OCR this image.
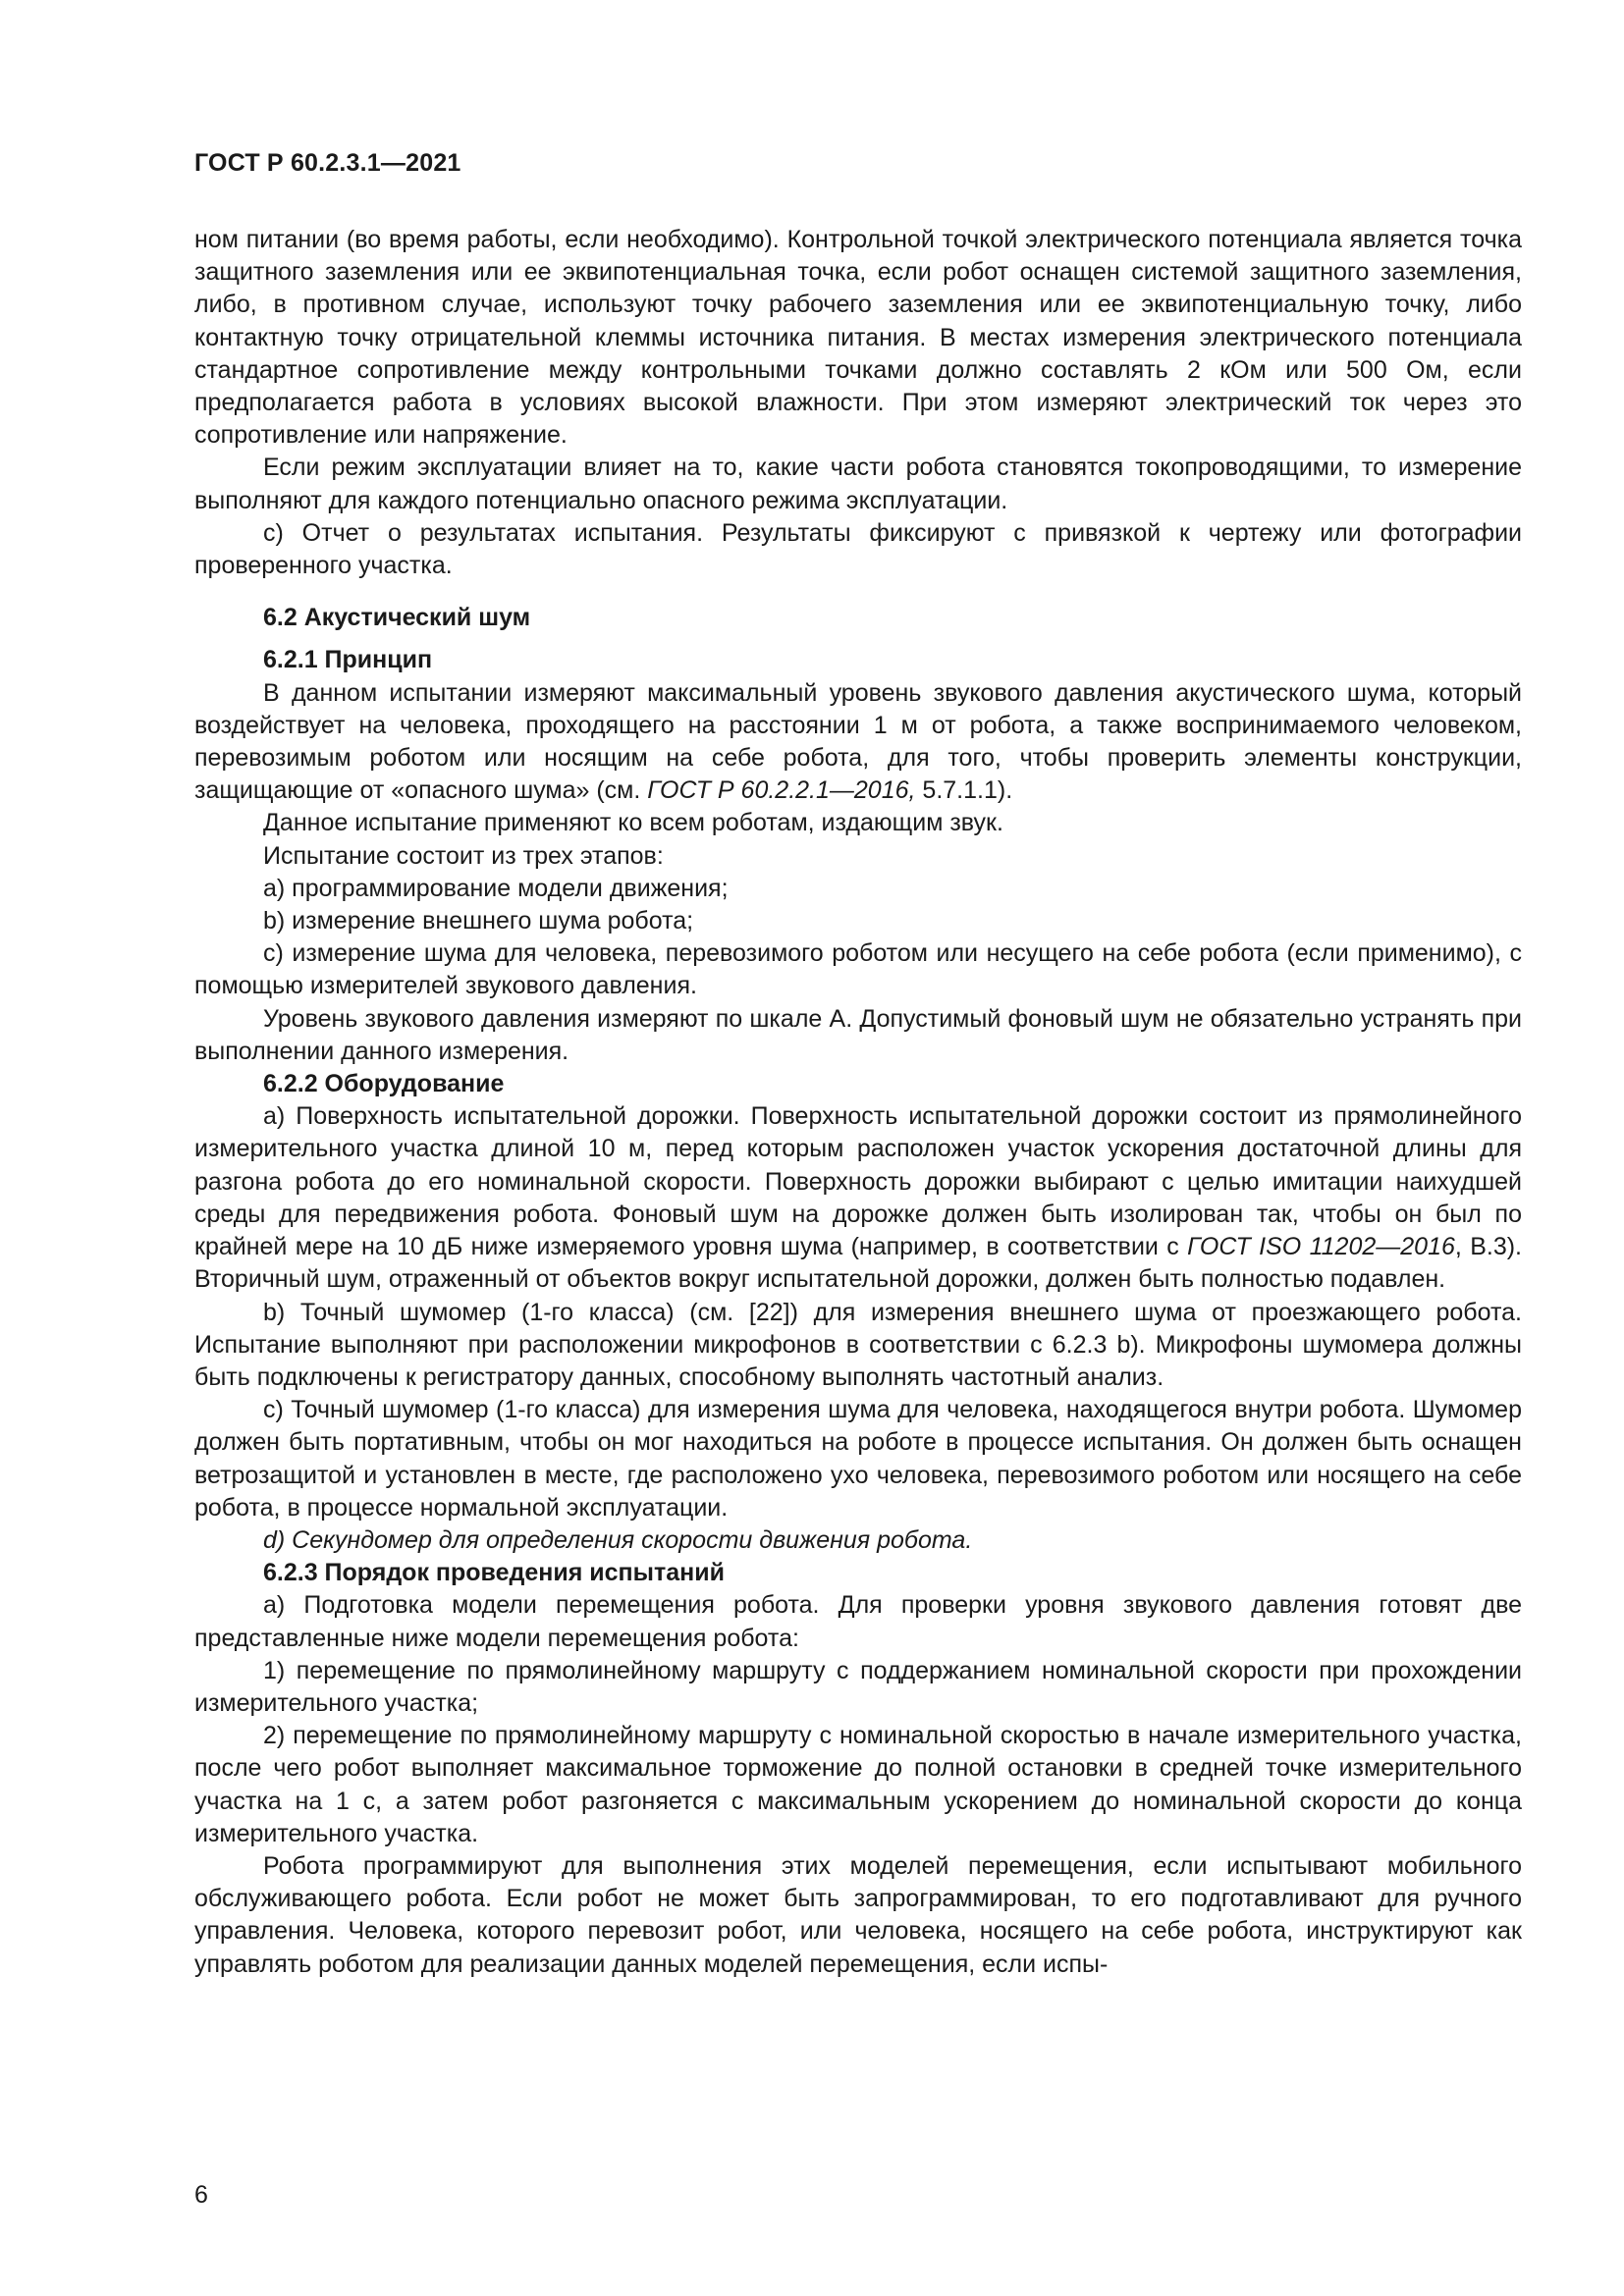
ГОСТ Р 60.2.3.1—2021

ном питании (во время работы, если необходимо). Контрольной точкой электрического потенциала является точка защитного заземления или ее эквипотенциальная точка, если робот оснащен системой защитного заземления, либо, в противном случае, используют точку рабочего заземления или ее эквипотенциальную точку, либо контактную точку отрицательной клеммы источника питания. В местах измерения электрического потенциала стандартное сопротивление между контрольными точками должно составлять 2 кОм или 500 Ом, если предполагается работа в условиях высокой влажности. При этом измеряют электрический ток через это сопротивление или напряжение.

Если режим эксплуатации влияет на то, какие части робота становятся токопроводящими, то измерение выполняют для каждого потенциально опасного режима эксплуатации.

с) Отчет о результатах испытания. Результаты фиксируют с привязкой к чертежу или фотографии проверенного участка.

6.2 Акустический шум
6.2.1 Принцип

В данном испытании измеряют максимальный уровень звукового давления акустического шума, который воздействует на человека, проходящего на расстоянии 1 м от робота, а также воспринимаемого человеком, перевозимым роботом или носящим на себе робота, для того, чтобы проверить элементы конструкции, защищающие от «опасного шума» (см. ГОСТ Р 60.2.2.1—2016, 5.7.1.1).

Данное испытание применяют ко всем роботам, издающим звук.

Испытание состоит из трех этапов:

а) программирование модели движения;

b) измерение внешнего шума робота;

с) измерение шума для человека, перевозимого роботом или несущего на себе робота (если применимо), с помощью измерителей звукового давления.

Уровень звукового давления измеряют по шкале А. Допустимый фоновый шум не обязательно устранять при выполнении данного измерения.

6.2.2 Оборудование

а) Поверхность испытательной дорожки. Поверхность испытательной дорожки состоит из прямолинейного измерительного участка длиной 10 м, перед которым расположен участок ускорения достаточной длины для разгона робота до его номинальной скорости. Поверхность дорожки выбирают с целью имитации наихудшей среды для передвижения робота. Фоновый шум на дорожке должен быть изолирован так, чтобы он был по крайней мере на 10 дБ ниже измеряемого уровня шума (например, в соответствии с ГОСТ ISO 11202—2016, В.3). Вторичный шум, отраженный от объектов вокруг испытательной дорожки, должен быть полностью подавлен.

b) Точный шумомер (1-го класса) (см. [22]) для измерения внешнего шума от проезжающего робота. Испытание выполняют при расположении микрофонов в соответствии с 6.2.3 b). Микрофоны шумомера должны быть подключены к регистратору данных, способному выполнять частотный анализ.

с) Точный шумомер (1-го класса) для измерения шума для человека, находящегося внутри робота. Шумомер должен быть портативным, чтобы он мог находиться на роботе в процессе испытания. Он должен быть оснащен ветрозащитой и установлен в месте, где расположено ухо человека, перевозимого роботом или носящего на себе робота, в процессе нормальной эксплуатации.

d) Секундомер для определения скорости движения робота.

6.2.3 Порядок проведения испытаний

а) Подготовка модели перемещения робота. Для проверки уровня звукового давления готовят две представленные ниже модели перемещения робота:

1) перемещение по прямолинейному маршруту с поддержанием номинальной скорости при прохождении измерительного участка;

2) перемещение по прямолинейному маршруту с номинальной скоростью в начале измерительного участка, после чего робот выполняет максимальное торможение до полной остановки в средней точке измерительного участка на 1 с, а затем робот разгоняется с максимальным ускорением до номинальной скорости до конца измерительного участка.

Робота программируют для выполнения этих моделей перемещения, если испытывают мобильного обслуживающего робота. Если робот не может быть запрограммирован, то его подготавливают для ручного управления. Человека, которого перевозит робот, или человека, носящего на себе робота, инструктируют как управлять роботом для реализации данных моделей перемещения, если испы-

6
